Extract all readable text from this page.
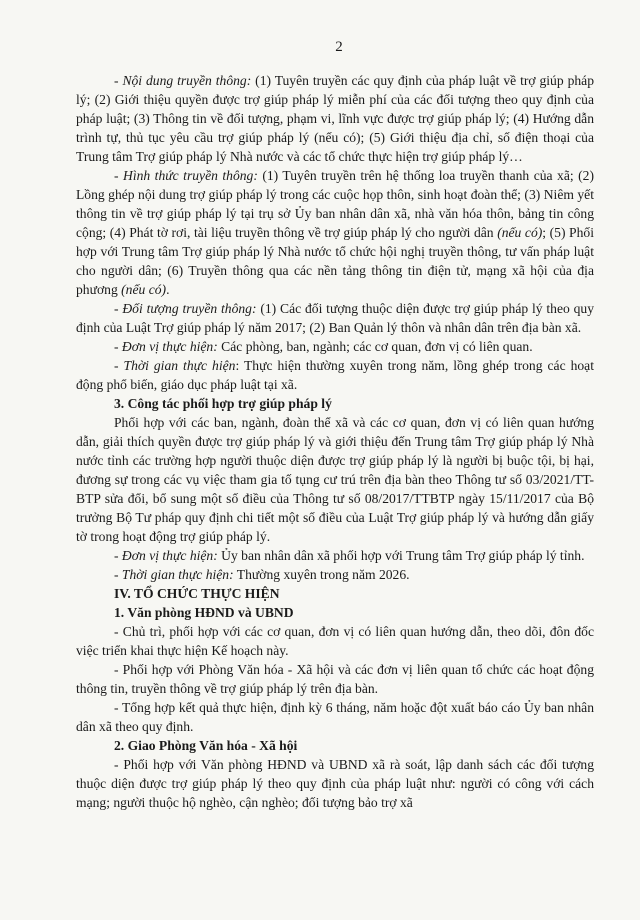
2

- Nội dung truyền thông: (1) Tuyên truyền các quy định của pháp luật về trợ giúp pháp lý; (2) Giới thiệu quyền được trợ giúp pháp lý miễn phí của các đối tượng theo quy định của pháp luật; (3) Thông tin về đối tượng, phạm vi, lĩnh vực được trợ giúp pháp lý; (4) Hướng dẫn trình tự, thủ tục yêu cầu trợ giúp pháp lý (nếu có); (5) Giới thiệu địa chỉ, số điện thoại của Trung tâm Trợ giúp pháp lý Nhà nước và các tổ chức thực hiện trợ giúp pháp lý…

- Hình thức truyền thông: (1) Tuyên truyền trên hệ thống loa truyền thanh của xã; (2) Lồng ghép nội dung trợ giúp pháp lý trong các cuộc họp thôn, sinh hoạt đoàn thể; (3) Niêm yết thông tin về trợ giúp pháp lý tại trụ sở Ủy ban nhân dân xã, nhà văn hóa thôn, bảng tin công cộng; (4) Phát tờ rơi, tài liệu truyền thông về trợ giúp pháp lý cho người dân (nếu có); (5) Phối hợp với Trung tâm Trợ giúp pháp lý Nhà nước tổ chức hội nghị truyền thông, tư vấn pháp luật cho người dân; (6) Truyền thông qua các nền tảng thông tin điện tử, mạng xã hội của địa phương (nếu có).

- Đối tượng truyền thông: (1) Các đối tượng thuộc diện được trợ giúp pháp lý theo quy định của Luật Trợ giúp pháp lý năm 2017; (2) Ban Quản lý thôn và nhân dân trên địa bàn xã.

- Đơn vị thực hiện: Các phòng, ban, ngành; các cơ quan, đơn vị có liên quan.

- Thời gian thực hiện: Thực hiện thường xuyên trong năm, lồng ghép trong các hoạt động phổ biến, giáo dục pháp luật tại xã.

3. Công tác phối hợp trợ giúp pháp lý

Phối hợp với các ban, ngành, đoàn thể xã và các cơ quan, đơn vị có liên quan hướng dẫn, giải thích quyền được trợ giúp pháp lý và giới thiệu đến Trung tâm Trợ giúp pháp lý Nhà nước tỉnh các trường hợp người thuộc diện được trợ giúp pháp lý là người bị buộc tội, bị hại, đương sự trong các vụ việc tham gia tố tụng cư trú trên địa bàn theo Thông tư số 03/2021/TT-BTP sửa đổi, bổ sung một số điều của Thông tư số 08/2017/TTBTP ngày 15/11/2017 của Bộ trưởng Bộ Tư pháp quy định chi tiết một số điều của Luật Trợ giúp pháp lý và hướng dẫn giấy tờ trong hoạt động trợ giúp pháp lý.

- Đơn vị thực hiện: Ủy ban nhân dân xã phối hợp với Trung tâm Trợ giúp pháp lý tỉnh.

- Thời gian thực hiện: Thường xuyên trong năm 2026.

IV. TỔ CHỨC THỰC HIỆN
1. Văn phòng HĐND và UBND

- Chủ trì, phối hợp với các cơ quan, đơn vị có liên quan hướng dẫn, theo dõi, đôn đốc việc triển khai thực hiện Kế hoạch này.

- Phối hợp với Phòng Văn hóa - Xã hội và các đơn vị liên quan tổ chức các hoạt động thông tin, truyền thông về trợ giúp pháp lý trên địa bàn.

- Tổng hợp kết quả thực hiện, định kỳ 6 tháng, năm hoặc đột xuất báo cáo Ủy ban nhân dân xã theo quy định.

2. Giao Phòng Văn hóa - Xã hội

- Phối hợp với Văn phòng HĐND và UBND xã rà soát, lập danh sách các đối tượng thuộc diện được trợ giúp pháp lý theo quy định của pháp luật như: người có công với cách mạng; người thuộc hộ nghèo, cận nghèo; đối tượng bảo trợ xã
